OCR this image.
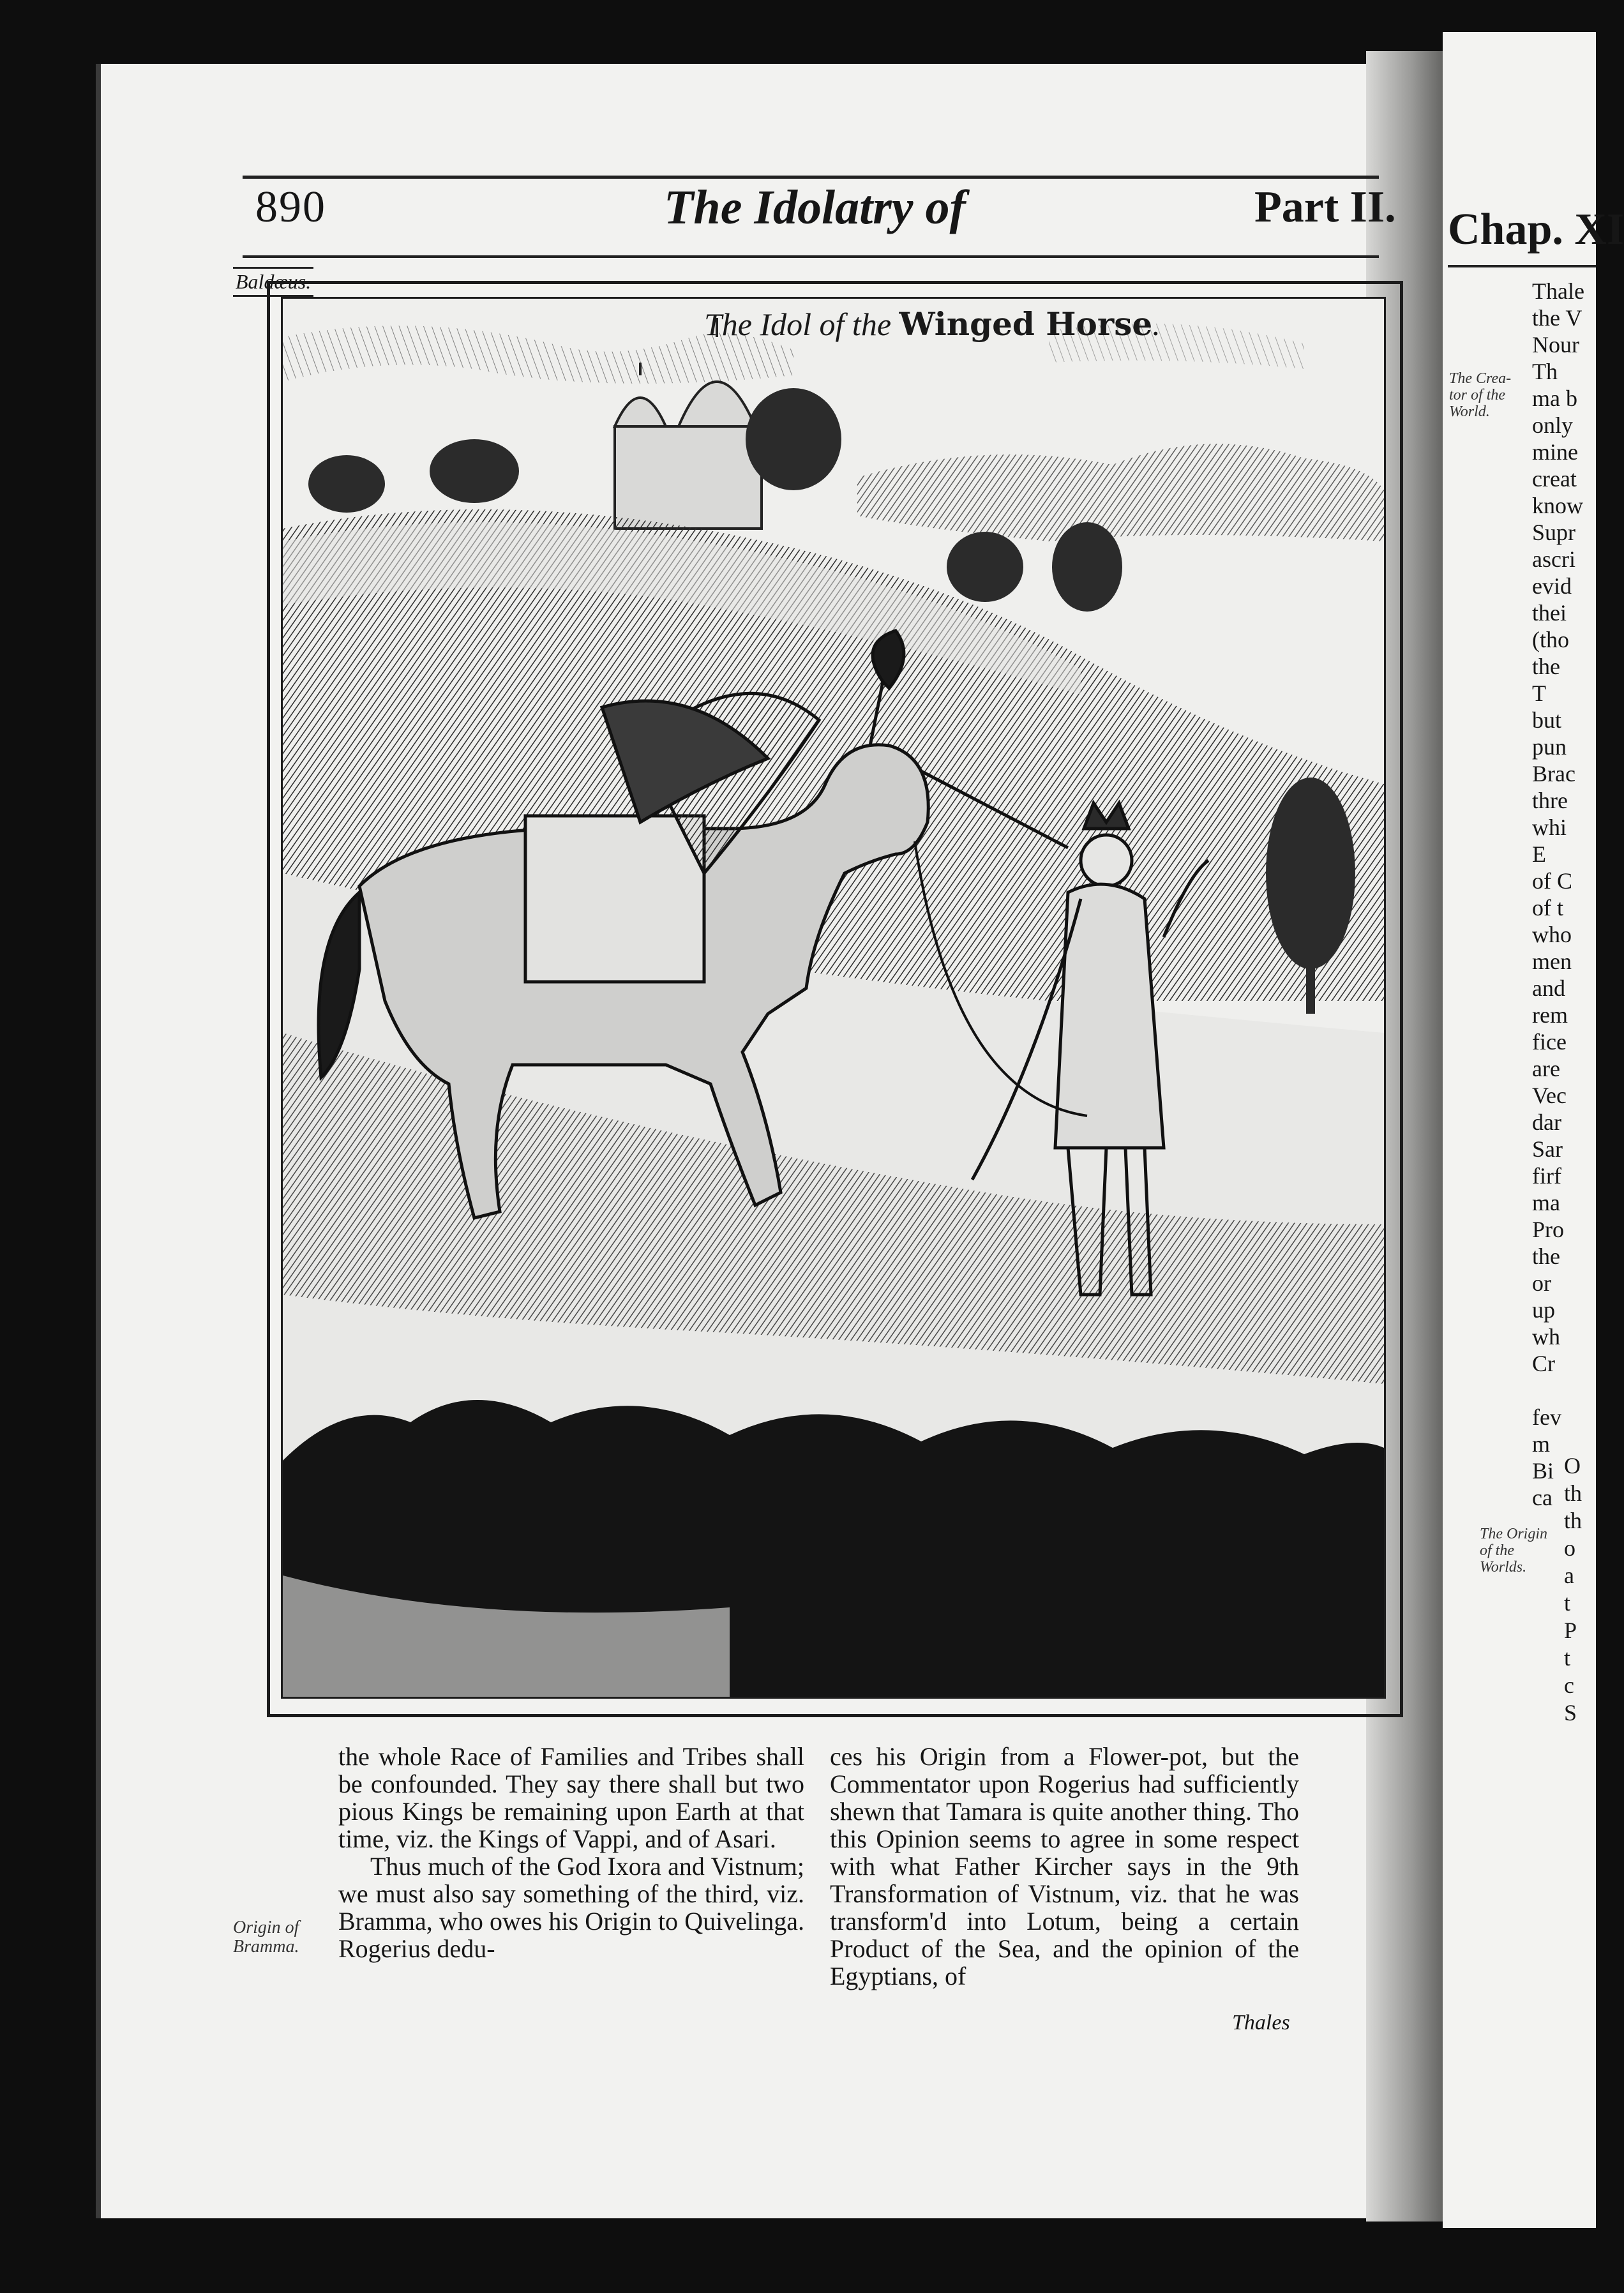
890	The Idolatry of	Part II.
Baldæus.
The Idol of the Winged Horse.

the whole Race of Families and Tribes shall be confounded. They say there shall but two pious Kings be remaining upon Earth at that time, viz. the Kings of Vappi, and of Asari.

Thus much of the God Ixora and Vistnum; we must also say something of the third, viz. Bramma, who owes his Origin to Quivelinga. Rogerius dedu-

ces his Origin from a Flower-pot, but the Commentator upon Rogerius had sufficiently shewn that Tamara is quite another thing. Tho this Opinion seems to agree in some respect with what Father Kircher says in the 9th Transformation of Vistnum, viz. that he was transform'd into Lotum, being a certain Product of the Sea, and the opinion of the Egyptians, of

Thales
Origin of
Bramma.
Chap. XI
The Crea-
tor of the
World.
The Origin
of the
Worlds.
Thale
the V
Nour
Th
ma b
only
mine
creat
know
Supr
ascri
evid
thei
(tho
the
T
but
pun
Brac
thre
whi
E
of C
of t
who
men
and
rem
fice
are
Vec
dar
Sar
firf
ma
Pro
the
or
up
wh
Cr
fev
m
Bi
ca
O
th
th
o
a
t
P
t
c
S
